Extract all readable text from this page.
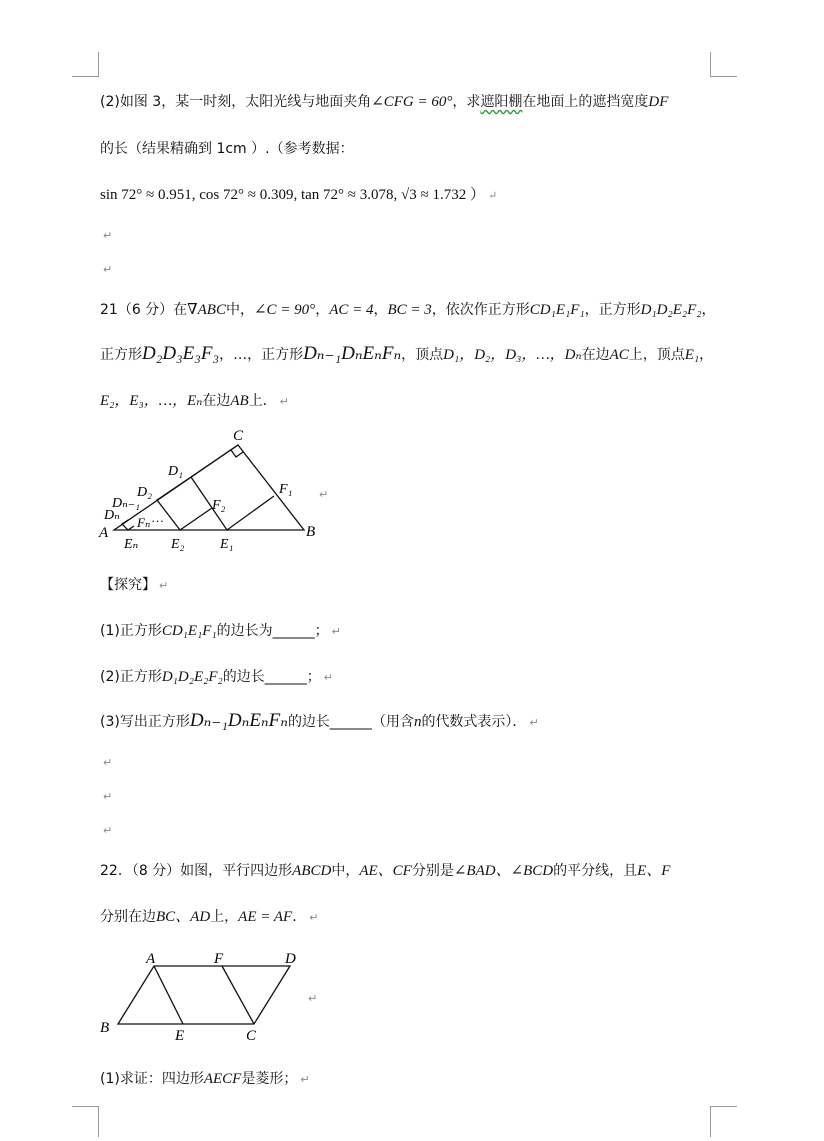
(2)如图 3，某一时刻，太阳光线与地面夹角∠CFG = 60°，求遮阳棚在地面上的遮挡宽度DF
的长（结果精确到 1cm ）.（参考数据：
sin 72° ≈ 0.951, cos 72° ≈ 0.309, tan 72° ≈ 3.078, √3 ≈ 1.732 ） ↵
↵
↵
21（6 分）在∇ABC中，∠C = 90°，AC = 4，BC = 3，依次作正方形CD₁E₁F₁，正方形D₁D₂E₂F₂，
正方形D₂D₃E₃F₃，…，正方形Dₙ₋₁DₙEₙFₙ，顶点D₁，D₂，D₃，…，Dₙ在边AC上，顶点E₁，
E₂，E₃，…，Eₙ在边AB上． ↵
C
D₁
D₂
Dₙ₋₁
Dₙ
F₁
F₂
Fₙ …
A
Eₙ E₂	E₁
B
↵
【探究】 ↵
(1)正方形CD₁E₁F₁的边长为______； ↵
(2)正方形D₁D₂E₂F₂的边长______； ↵
(3)写出正方形Dₙ₋₁DₙEₙFₙ的边长______（用含n的代数式表示）． ↵
↵
↵
↵
22．（8 分）如图，平行四边形ABCD中，AE、CF分别是∠BAD、∠BCD的平分线，且E、F
分别在边BC、AD上，AE = AF． ↵
A	F	D
B	E	C
↵
(1)求证：四边形AECF是菱形； ↵
